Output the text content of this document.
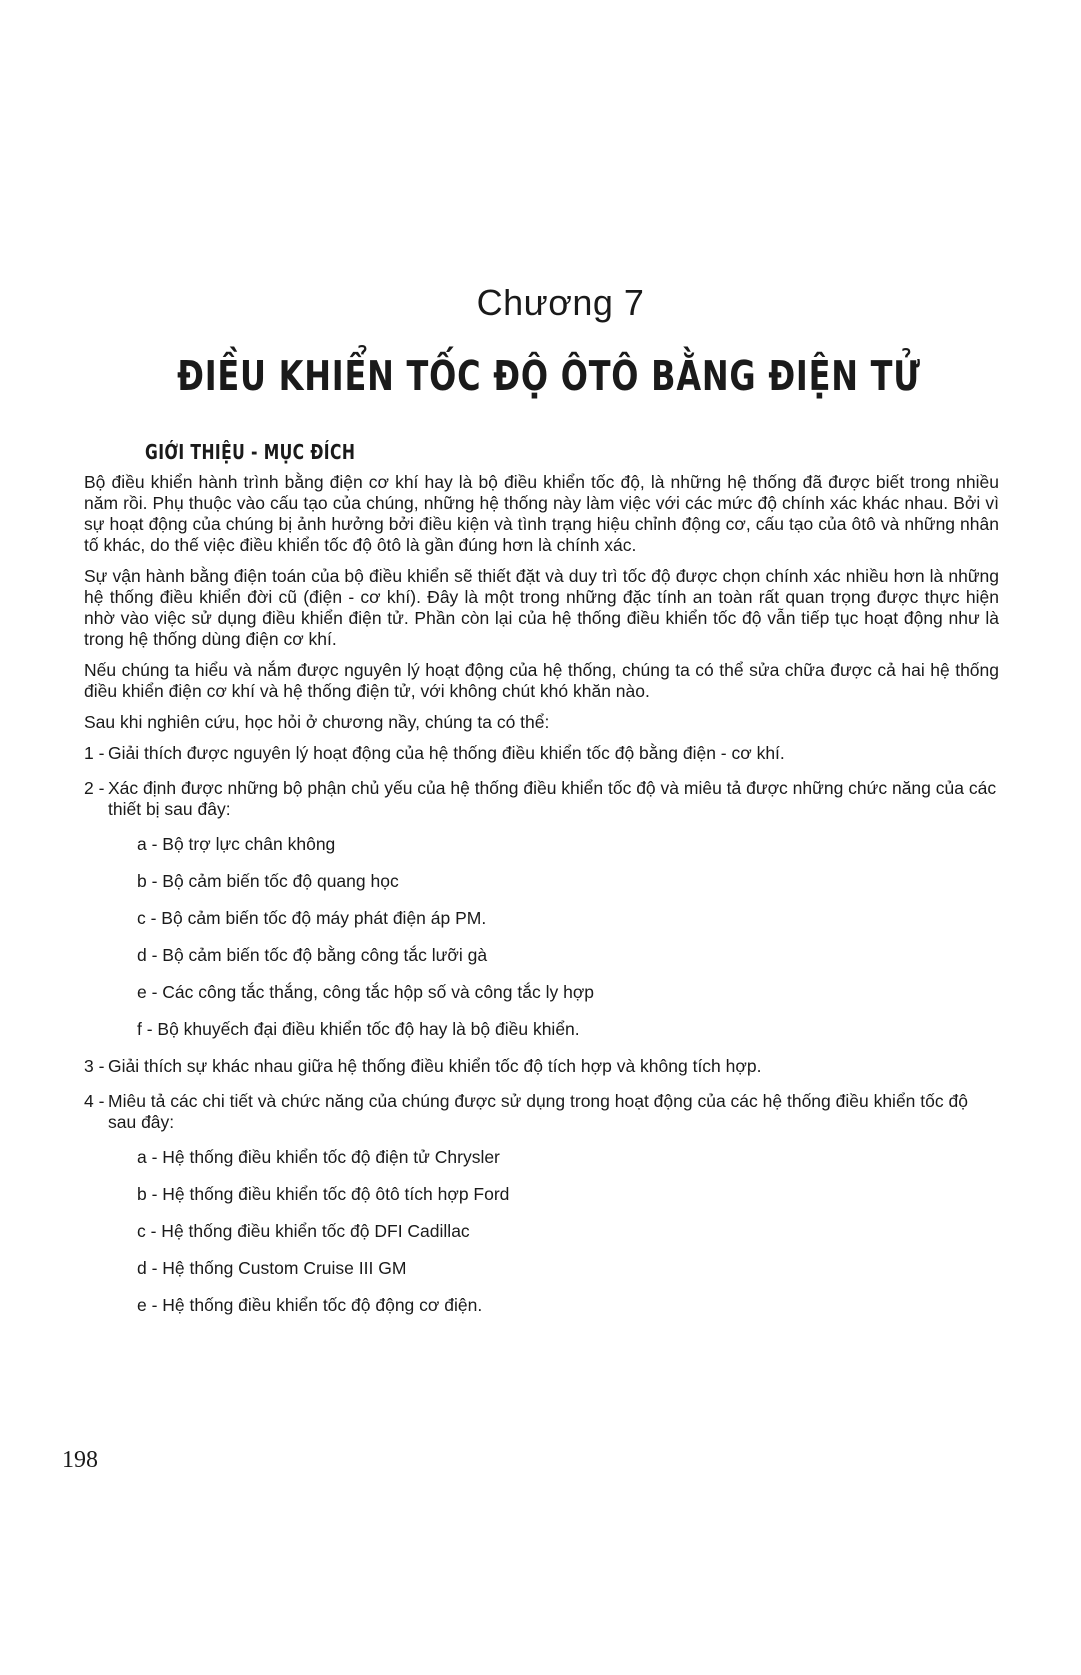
Chương 7
ĐIỀU KHIỂN TỐC ĐỘ ÔTÔ BẰNG ĐIỆN TỬ
GIỚI THIỆU - MỤC ĐÍCH

Bộ điều khiển hành trình bằng điện cơ khí hay là bộ điều khiển tốc độ, là những hệ thống đã được biết trong nhiều năm rồi. Phụ thuộc vào cấu tạo của chúng, những hệ thống này làm việc với các mức độ chính xác khác nhau. Bởi vì sự hoạt động của chúng bị ảnh hưởng bởi điều kiện và tình trạng hiệu chỉnh động cơ, cấu tạo của ôtô và những nhân tố khác, do thế việc điều khiển tốc độ ôtô là gần đúng hơn là chính xác.

Sự vận hành bằng điện toán của bộ điều khiển sẽ thiết đặt và duy trì tốc độ được chọn chính xác nhiều hơn là những hệ thống điều khiển đời cũ (điện - cơ khí). Đây là một trong những đặc tính an toàn rất quan trọng được thực hiện nhờ vào việc sử dụng điều khiển điện tử. Phần còn lại của hệ thống điều khiển tốc độ vẫn tiếp tục hoạt động như là trong hệ thống dùng điện cơ khí.

Nếu chúng ta hiểu và nắm được nguyên lý hoạt động của hệ thống, chúng ta có thể sửa chữa được cả hai hệ thống điều khiển điện cơ khí và hệ thống điện tử, với không chút khó khăn nào.

Sau khi nghiên cứu, học hỏi ở chương nầy, chúng ta có thể:

1 - Giải thích được nguyên lý hoạt động của hệ thống điều khiển tốc độ bằng điện - cơ khí.
2 - Xác định được những bộ phận chủ yếu của hệ thống điều khiển tốc độ và miêu tả được những chức năng của các thiết bị sau đây:
a - Bộ trợ lực chân không
b - Bộ cảm biến tốc độ quang học
c - Bộ cảm biến tốc độ máy phát điện áp PM.
d - Bộ cảm biến tốc độ bằng công tắc lưỡi gà
e - Các công tắc thắng, công tắc hộp số và công tắc ly hợp
f - Bộ khuyếch đại điều khiển tốc độ hay là bộ điều khiển.
3 - Giải thích sự khác nhau giữa hệ thống điều khiển tốc độ tích hợp và không tích hợp.
4 - Miêu tả các chi tiết và chức năng của chúng được sử dụng trong hoạt động của các hệ thống điều khiển tốc độ sau đây:
a - Hệ thống điều khiển tốc độ điện tử Chrysler
b - Hệ thống điều khiển tốc độ ôtô tích hợp Ford
c - Hệ thống điều khiển tốc độ DFI Cadillac
d - Hệ thống Custom Cruise III GM
e - Hệ thống điều khiển tốc độ động cơ điện.
198
